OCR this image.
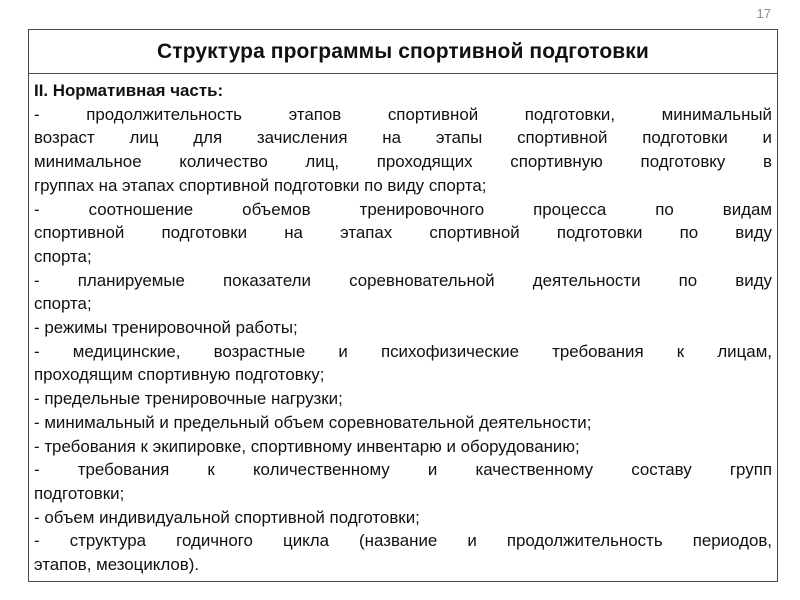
17
Структура программы спортивной подготовки
II. Нормативная часть:
- продолжительность этапов спортивной подготовки, минимальный
возраст лиц для зачисления на этапы спортивной подготовки и
минимальное количество лиц, проходящих спортивную подготовку в
группах на этапах спортивной подготовки по виду спорта;
- соотношение объемов тренировочного процесса по видам
спортивной подготовки на этапах спортивной подготовки по виду
спорта;
- планируемые показатели соревновательной деятельности по виду
спорта;
- режимы тренировочной работы;
- медицинские, возрастные и психофизические требования к лицам,
проходящим спортивную подготовку;
- предельные тренировочные нагрузки;
- минимальный и предельный объем соревновательной деятельности;
- требования к экипировке, спортивному инвентарю и оборудованию;
- требования к количественному и качественному составу групп
подготовки;
- объем индивидуальной спортивной подготовки;
- структура годичного цикла (название и продолжительность периодов,
этапов, мезоциклов).
